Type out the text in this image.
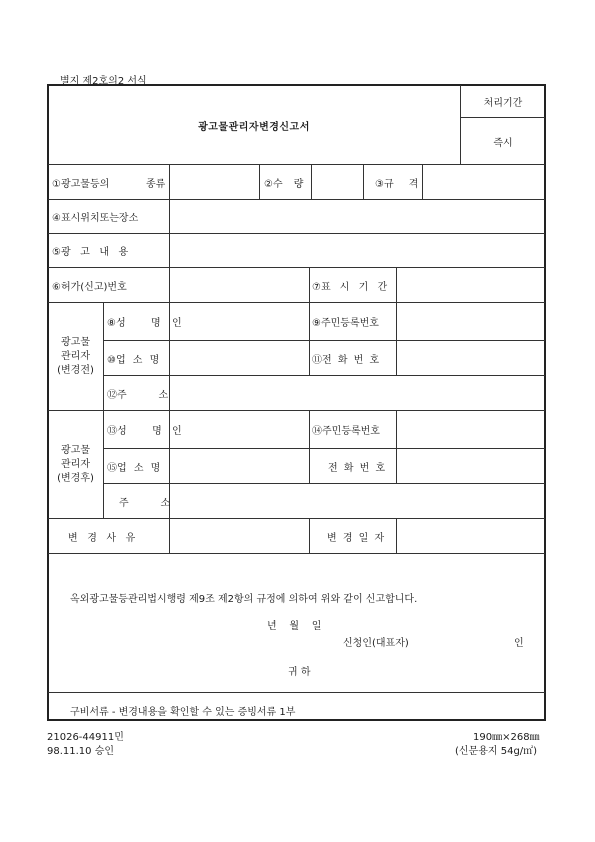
별지 제2호의2 서식
광고물관리자변경신고서
처리기간
즉시
①광고물등의	종류	②수 량	③규 격
④표시위치또는장소
⑤광   고   내   용
⑥허가(신고)번호	⑦표 시 기 간
광고물
관리자
(변경전)
⑧성        명 인	⑨주민등록번호
⑩업 소 명	⑪전 화 번 호
⑫주          소
광고물
관리자
(변경후)
⑬성        명 인	⑭주민등록번호
⑮업 소 명	전 화 번 호
주          소
변   경   사   유	변 경 일 자
옥외광고물등관리법시행령 제9조 제2항의 규정에 의하여 위와 같이 신고합니다.
년    월    일
신청인(대표자)	인
귀 하
구비서류 - 변경내용을 확인할 수 있는 증빙서류 1부
21026-44911민
98.11.10 승인
190㎜×268㎜
(신문용지 54g/㎡)
